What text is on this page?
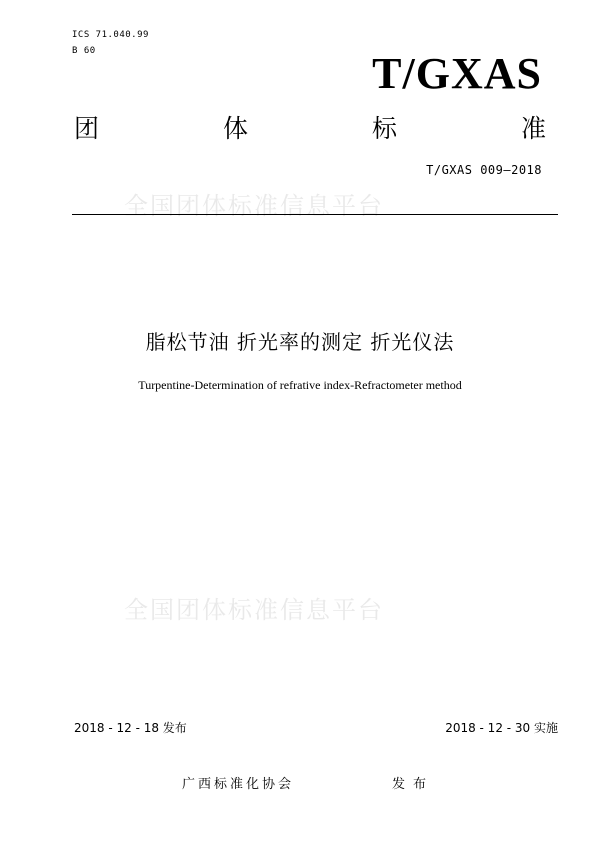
ICS 71.040.99
B 60	T/GXAS
团	体	标	准
T/GXAS 009—2018
全国团体标准信息平台
脂松节油 折光率的测定 折光仪法
Turpentine-Determination of refrative index-Refractometer method
全国团体标准信息平台
2018 - 12 - 18 发布	2018 - 12 - 30 实施
广西标准化协会	发布
